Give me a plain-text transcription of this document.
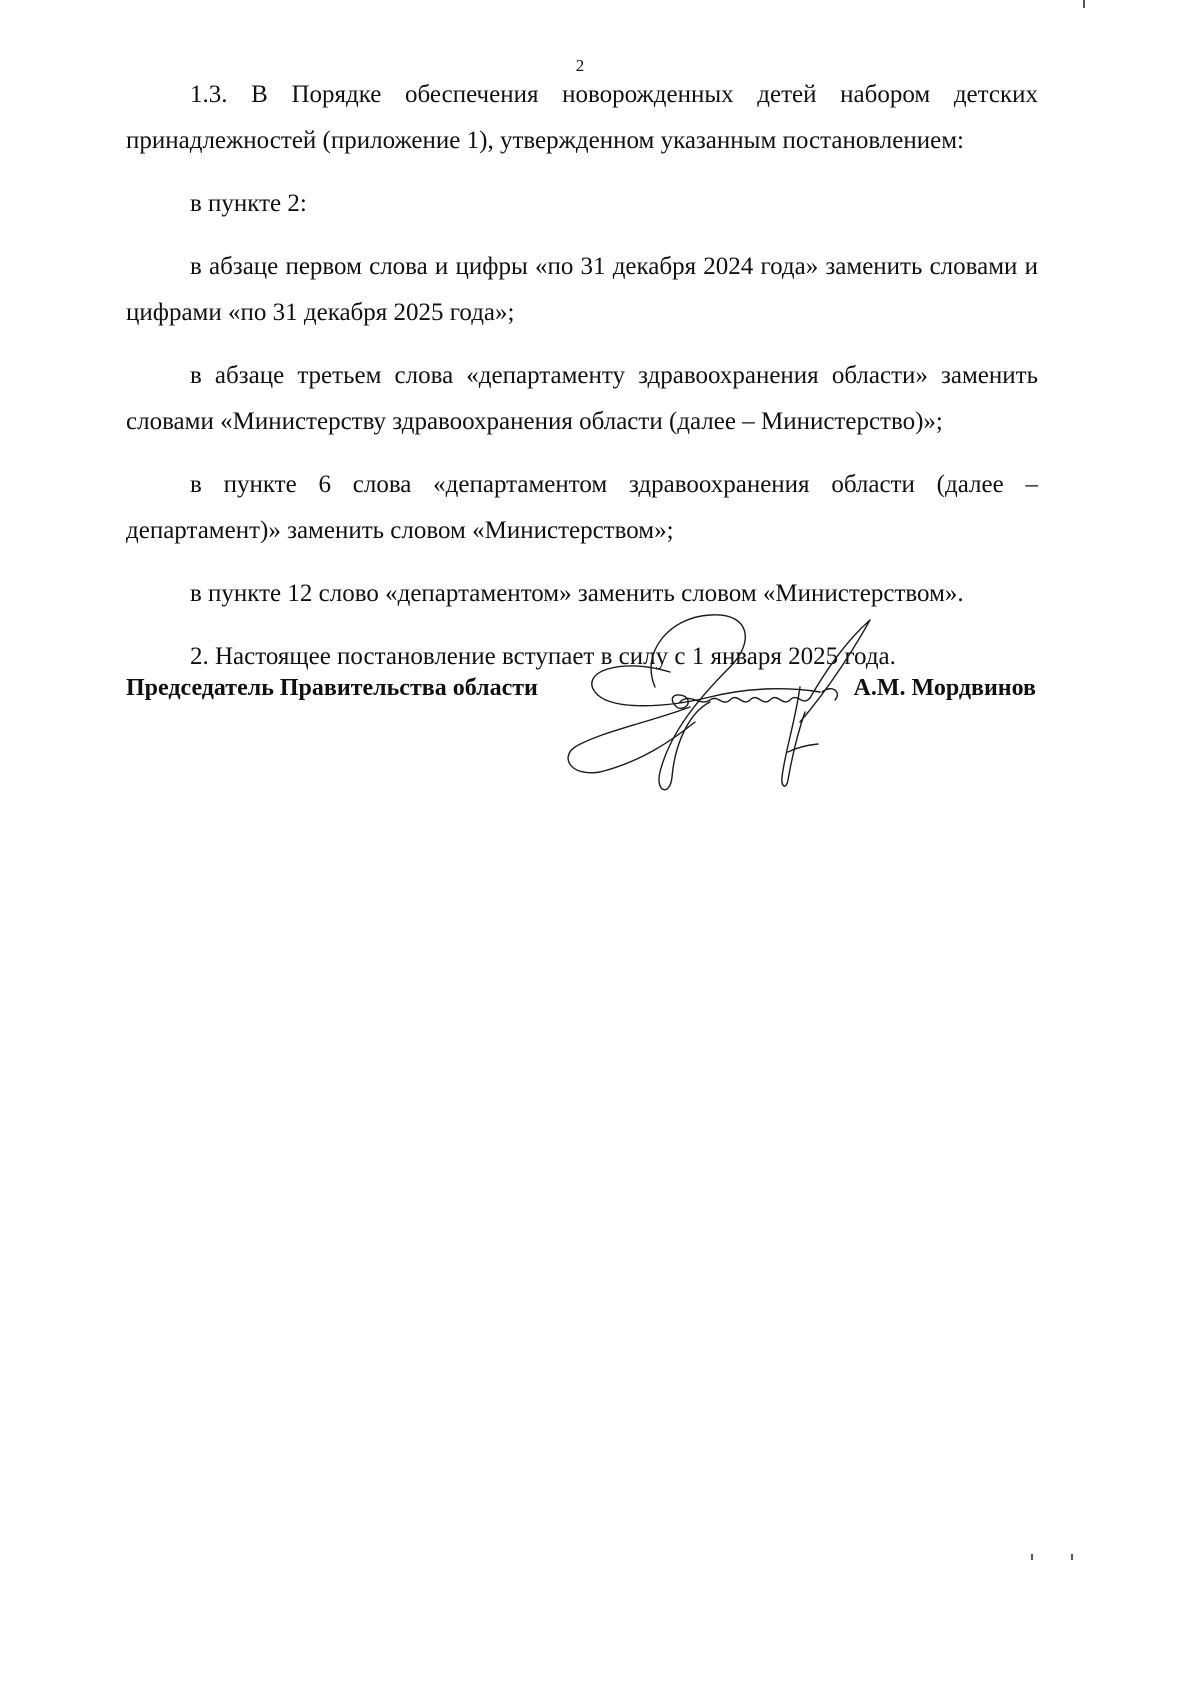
2

1.3. В Порядке обеспечения новорожденных детей набором детских принадлежностей (приложение 1), утвержденном указанным постановлением:

в пункте 2:

в абзаце первом слова и цифры «по 31 декабря 2024 года» заменить словами и цифрами «по 31 декабря 2025 года»;

в абзаце третьем слова «департаменту здравоохранения области» заменить словами «Министерству здравоохранения области (далее – Министерство)»;

в пункте 6 слова «департаментом здравоохранения области (далее – департамент)» заменить словом «Министерством»;

в пункте 12 слово «департаментом» заменить словом «Министерством».

2. Настоящее постановление вступает в силу с 1 января 2025 года.

Председатель Правительства области	А.М. Мордвинов
